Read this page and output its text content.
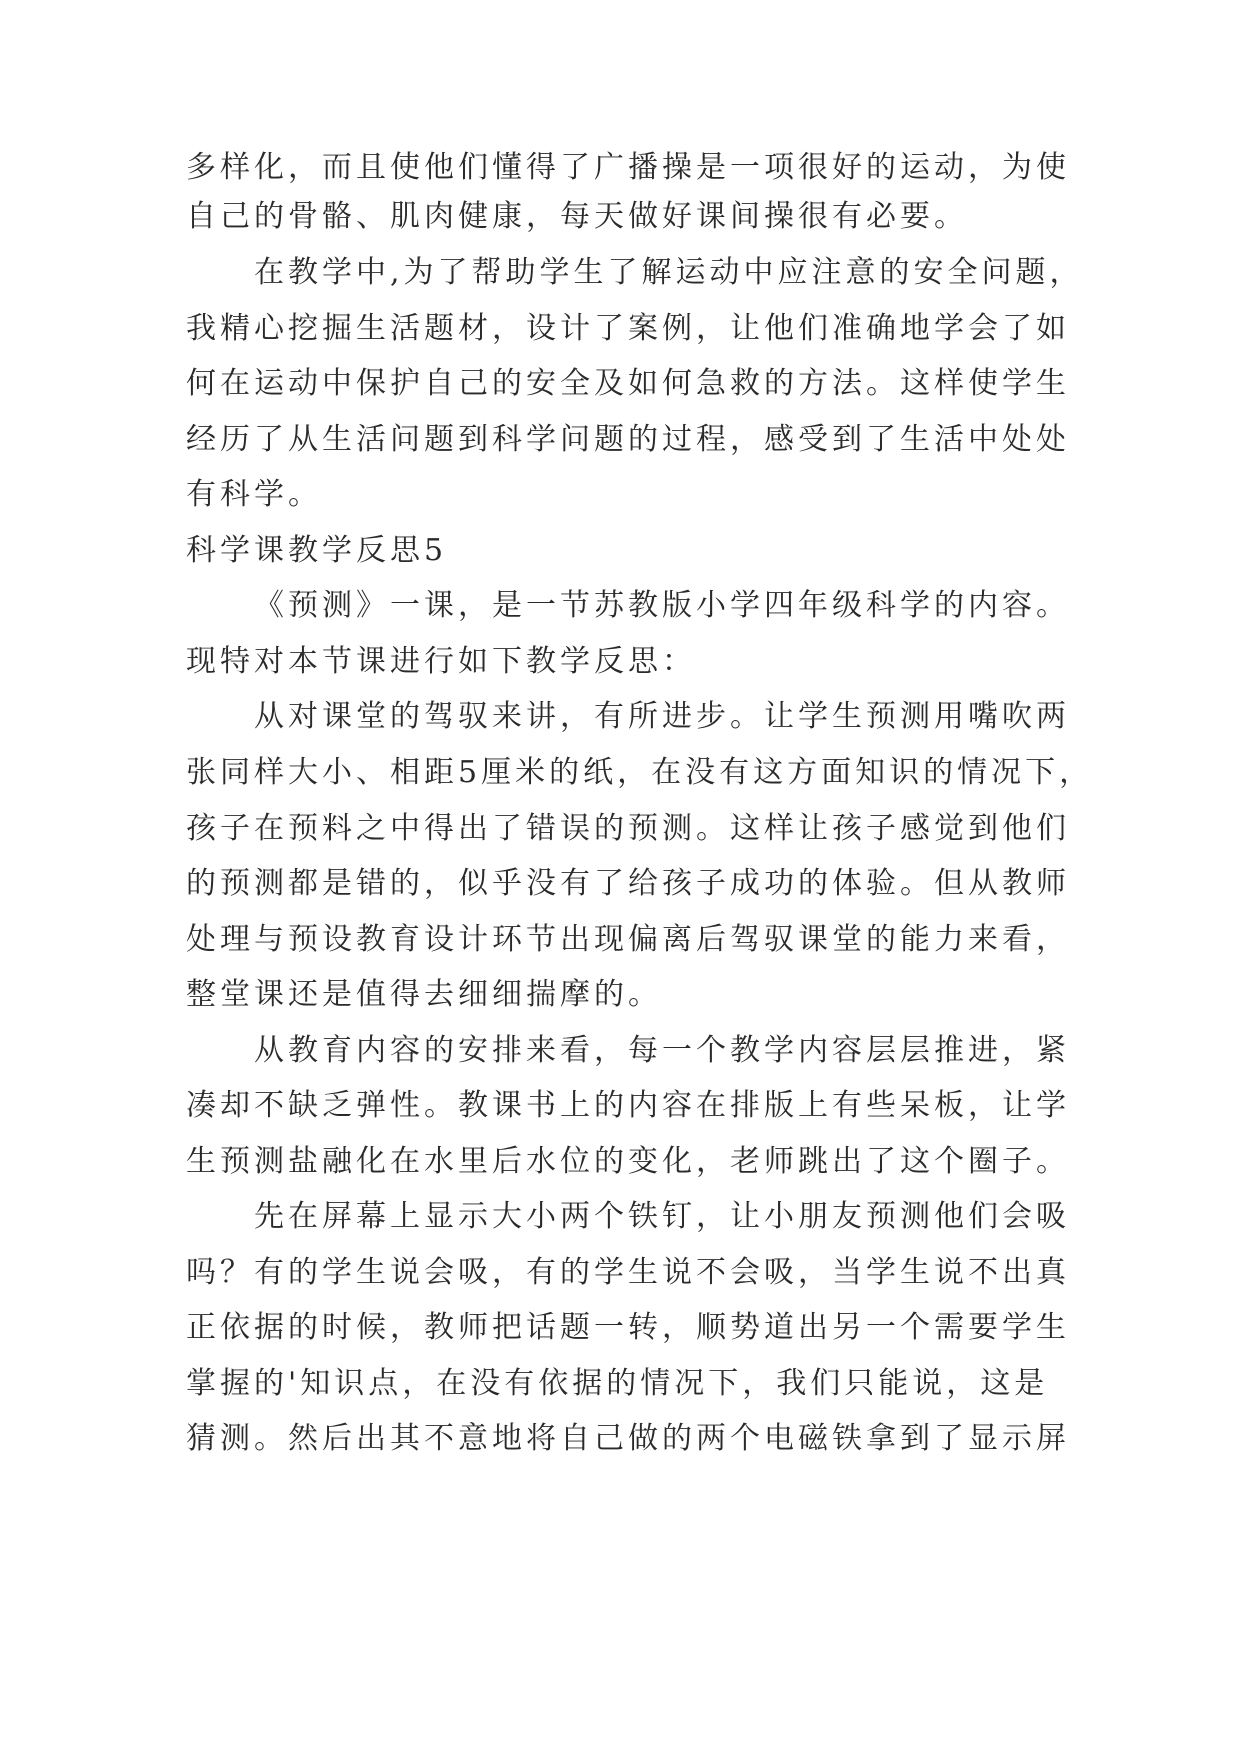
多样化，而且使他们懂得了广播操是一项很好的运动，为使
自己的骨骼、肌肉健康，每天做好课间操很有必要。
在教学中,为了帮助学生了解运动中应注意的安全问题，
我精心挖掘生活题材，设计了案例，让他们准确地学会了如
何在运动中保护自己的安全及如何急救的方法。这样使学生
经历了从生活问题到科学问题的过程，感受到了生活中处处
有科学。
科学课教学反思5
《预测》一课，是一节苏教版小学四年级科学的内容。
现特对本节课进行如下教学反思：
从对课堂的驾驭来讲，有所进步。让学生预测用嘴吹两
张同样大小、相距5厘米的纸，在没有这方面知识的情况下，
孩子在预料之中得出了错误的预测。这样让孩子感觉到他们
的预测都是错的，似乎没有了给孩子成功的体验。但从教师
处理与预设教育设计环节出现偏离后驾驭课堂的能力来看，
整堂课还是值得去细细揣摩的。
从教育内容的安排来看，每一个教学内容层层推进，紧
凑却不缺乏弹性。教课书上的内容在排版上有些呆板，让学
生预测盐融化在水里后水位的变化，老师跳出了这个圈子。
先在屏幕上显示大小两个铁钉，让小朋友预测他们会吸
吗？有的学生说会吸，有的学生说不会吸，当学生说不出真
正依据的时候，教师把话题一转，顺势道出另一个需要学生
掌握的'知识点，在没有依据的情况下，我们只能说，这是
猜测。然后出其不意地将自己做的两个电磁铁拿到了显示屏
